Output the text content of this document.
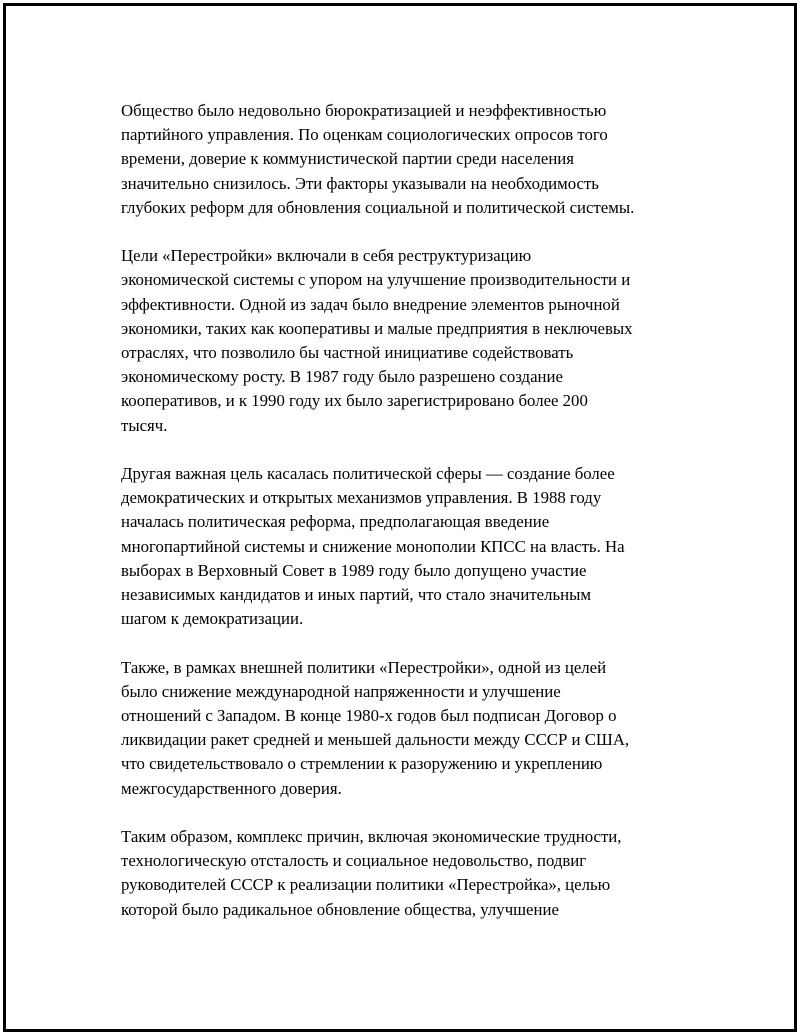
Общество было недовольно бюрократизацией и неэффективностью
партийного управления. По оценкам социологических опросов того
времени, доверие к коммунистической партии среди населения
значительно снизилось. Эти факторы указывали на необходимость
глубоких реформ для обновления социальной и политической системы.

Цели «Перестройки» включали в себя реструктуризацию
экономической системы с упором на улучшение производительности и
эффективности. Одной из задач было внедрение элементов рыночной
экономики, таких как кооперативы и малые предприятия в неключевых
отраслях, что позволило бы частной инициативе содействовать
экономическому росту. В 1987 году было разрешено создание
кооперативов, и к 1990 году их было зарегистрировано более 200
тысяч.

Другая важная цель касалась политической сферы — создание более
демократических и открытых механизмов управления. В 1988 году
началась политическая реформа, предполагающая введение
многопартийной системы и снижение монополии КПСС на власть. На
выборах в Верховный Совет в 1989 году было допущено участие
независимых кандидатов и иных партий, что стало значительным
шагом к демократизации.

Также, в рамках внешней политики «Перестройки», одной из целей
было снижение международной напряженности и улучшение
отношений с Западом. В конце 1980-х годов был подписан Договор о
ликвидации ракет средней и меньшей дальности между СССР и США,
что свидетельствовало о стремлении к разоружению и укреплению
межгосударственного доверия.

Таким образом, комплекс причин, включая экономические трудности,
технологическую отсталость и социальное недовольство, подвиг
руководителей СССР к реализации политики «Перестройка», целью
которой было радикальное обновление общества, улучшение
